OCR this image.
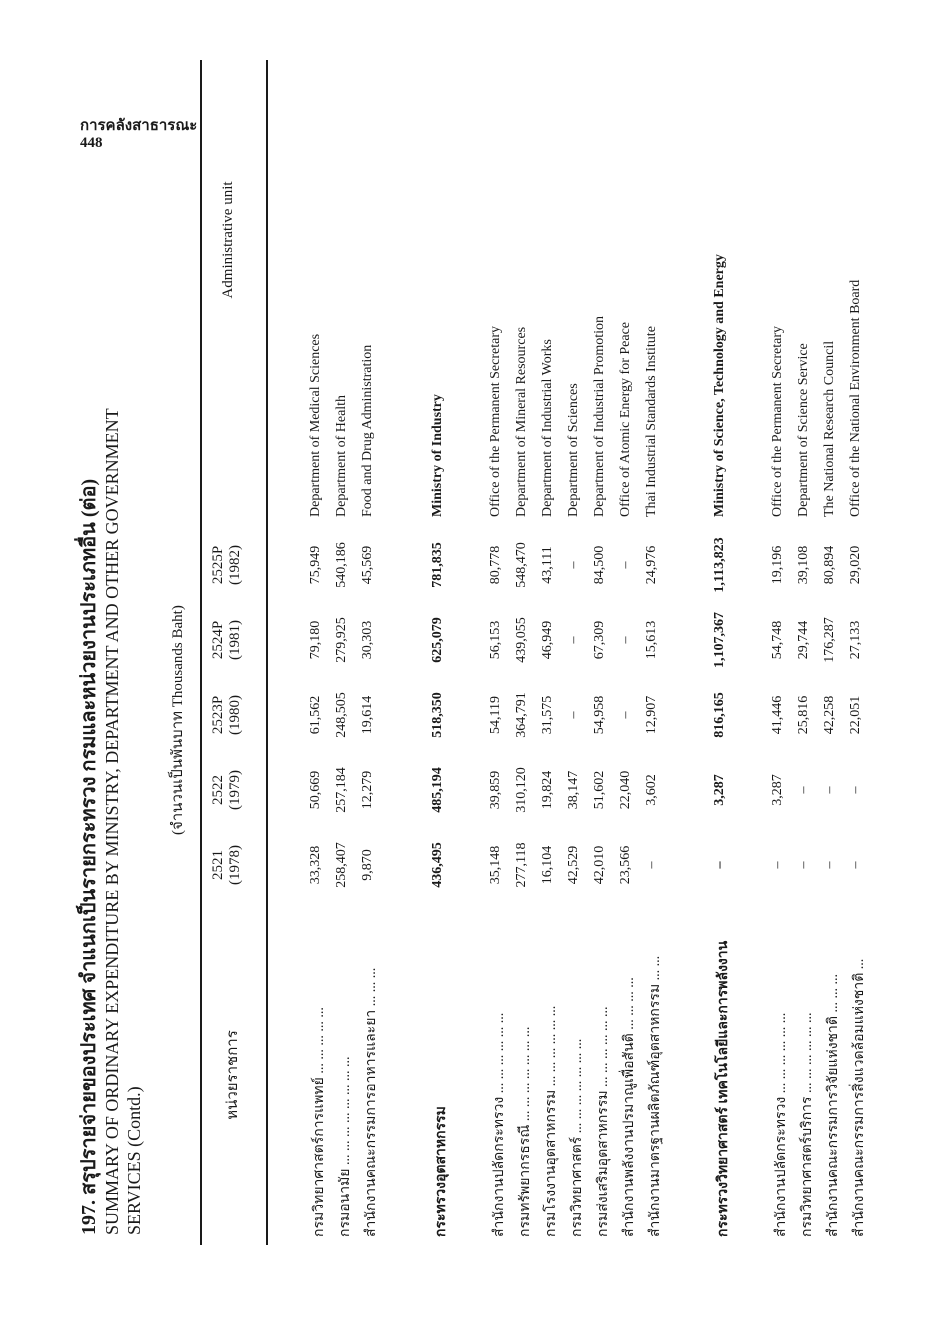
การคลังสาธารณะ
448
197. สรุปรายจ่ายของประเทศ จำแนกเป็นรายกระทรวง กรมและหน่วยงานประเภทอื่น (ต่อ) SUMMARY OF ORDINARY EXPENDITURE BY MINISTRY, DEPARTMENT AND OTHER GOVERNMENT SERVICES (Contd.)
(จำนวนเป็นพันบาท Thousands Baht)
หน่วยราชการ
2521 (1978)
2522 (1979)
2523P (1980)
2524P (1981)
2525P (1982)
Administrative unit
กรมวิทยาศาสตร์การแพทย์ ... ... ... ... ...
33,328
50,669
61,562
79,180
75,949
Department of Medical Sciences
กรมอนามัย ... ... ... ... ... ... ... ...
258,407
257,184
248,505
279,925
540,186
Department of Health
สำนักงานคณะกรรมการอาหารและยา ... ... ...
9,870
12,279
19,614
30,303
45,569
Food and Drug Administration
กระทรวงอุตสาหกรรม
436,495
485,194
518,350
625,079
781,835
Ministry of Industry
สำนักงานปลัดกระทรวง ... ... ... ... ... ...
35,148
39,859
54,119
56,153
80,778
Office of the Permanent Secretary
กรมทรัพยากรธรณี ... ... ... ... ... ... ...
277,118
310,120
364,791
439,055
548,470
Department of Mineral Resources
กรมโรงงานอุตสาหกรรม ... ... ... ... ... ...
16,104
19,824
31,575
46,949
43,111
Department of Industrial Works
กรมวิทยาศาสตร์ ... ... ... ... ... ... ...
42,529
38,147
–
–
–
Department of Sciences
กรมส่งเสริมอุตสาหกรรม ... ... ... ... ... ...
42,010
51,602
54,958
67,309
84,500
Department of Industrial Promotion
สำนักงานพลังงานปรมาณูเพื่อสันติ ... ... ... ...
23,566
22,040
–
–
–
Office of Atomic Energy for Peace
สำนักงานมาตรฐานผลิตภัณฑ์อุตสาหกรรม ... ...
–
3,602
12,907
15,613
24,976
Thai Industrial Standards Institute
กระทรวงวิทยาศาสตร์ เทคโนโลยีและการพลังงาน
–
3,287
816,165
1,107,367
1,113,823
Ministry of Science, Technology and Energy
สำนักงานปลัดกระทรวง ... ... ... ... ... ...
–
3,287
41,446
54,748
19,196
Office of the Permanent Secretary
กรมวิทยาศาสตร์บริการ ... ... ... ... ... ...
–
–
25,816
29,744
39,108
Department of Science Service
สำนักงานคณะกรรมการวิจัยแห่งชาติ ... ... ...
–
–
42,258
176,287
80,894
The National Research Council
สำนักงานคณะกรรมการสิ่งแวดล้อมแห่งชาติ ...
–
–
22,051
27,133
29,020
Office of the National Environment Board
